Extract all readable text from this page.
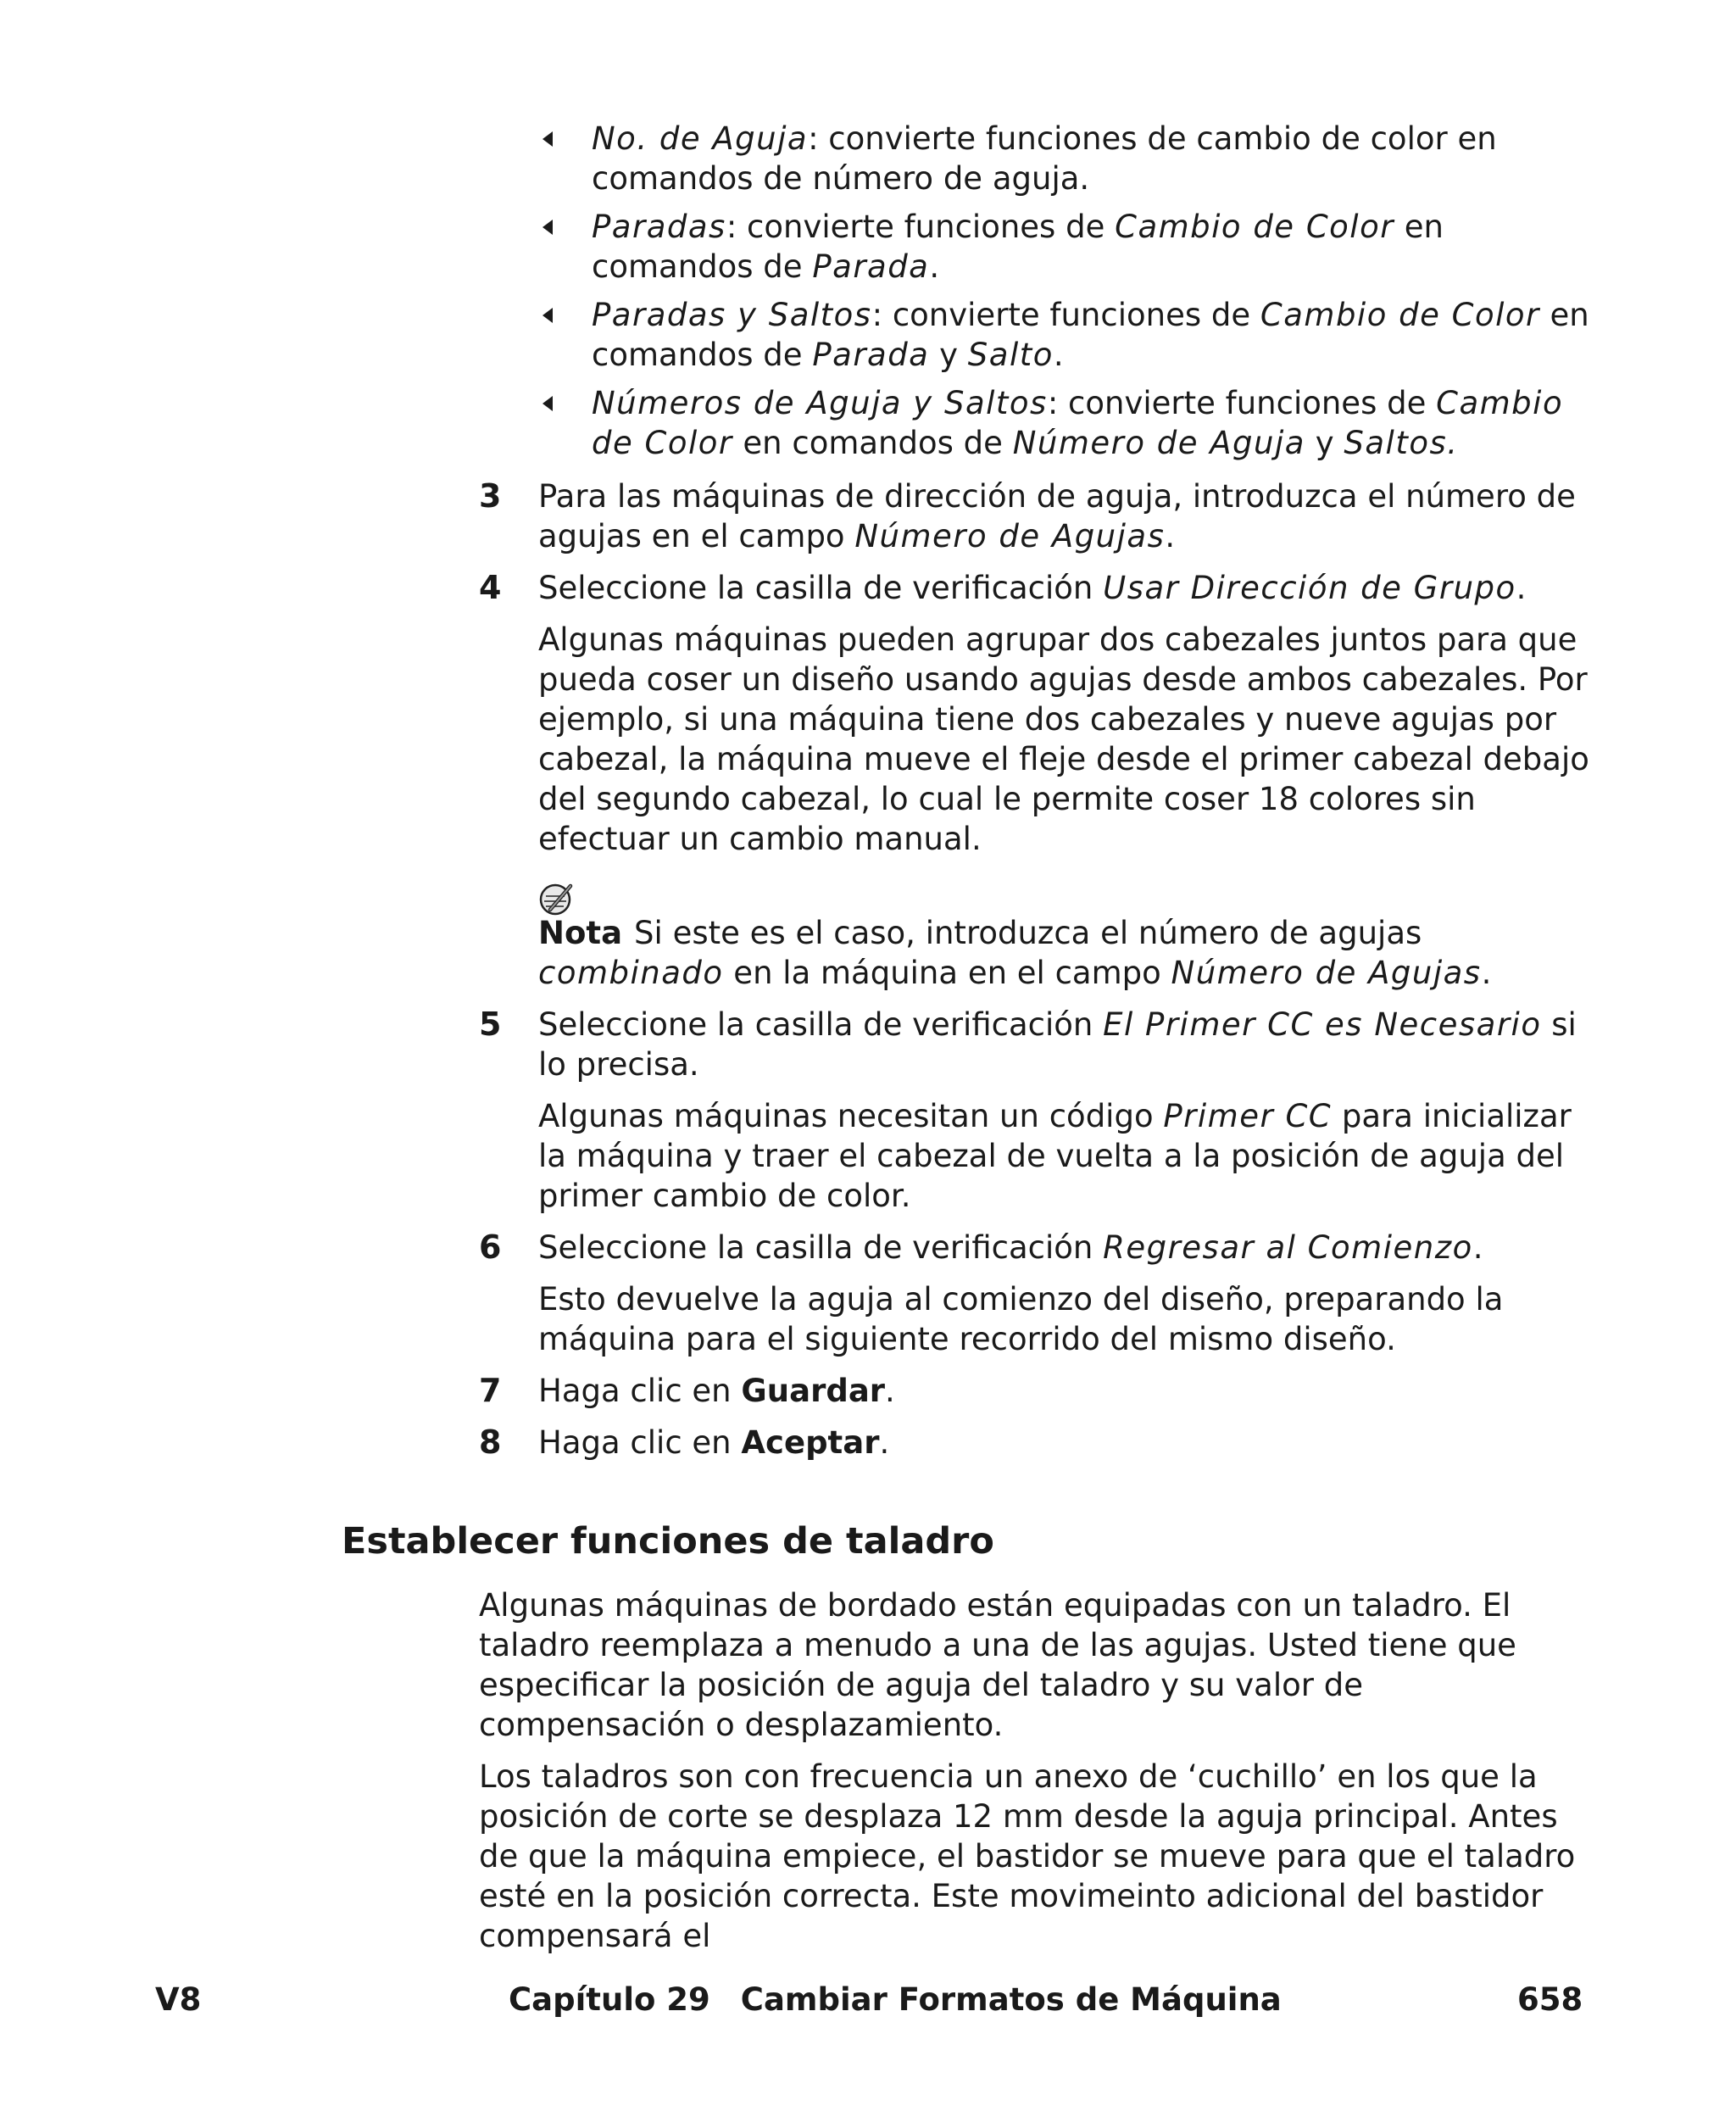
No. de Aguja: convierte funciones de cambio de color en comandos de número de aguja.
Paradas: convierte funciones de Cambio de Color en comandos de Parada.
Paradas y Saltos: convierte funciones de Cambio de Color en comandos de Parada y Salto.
Números de Aguja y Saltos: convierte funciones de Cambio de Color en comandos de Número de Aguja y Saltos.
3 Para las máquinas de dirección de aguja, introduzca el número de agujas en el campo Número de Agujas.
4 Seleccione la casilla de verificación Usar Dirección de Grupo.
Algunas máquinas pueden agrupar dos cabezales juntos para que pueda coser un diseño usando agujas desde ambos cabezales. Por ejemplo, si una máquina tiene dos cabezales y nueve agujas por cabezal, la máquina mueve el fleje desde el primer cabezal debajo del segundo cabezal, lo cual le permite coser 18 colores sin efectuar un cambio manual.
Nota Si este es el caso, introduzca el número de agujas combinado en la máquina en el campo Número de Agujas.
5 Seleccione la casilla de verificación El Primer CC es Necesario si lo precisa.
Algunas máquinas necesitan un código Primer CC para inicializar la máquina y traer el cabezal de vuelta a la posición de aguja del primer cambio de color.
6 Seleccione la casilla de verificación Regresar al Comienzo.
Esto devuelve la aguja al comienzo del diseño, preparando la máquina para el siguiente recorrido del mismo diseño.
7 Haga clic en Guardar.
8 Haga clic en Aceptar.
Establecer funciones de taladro

Algunas máquinas de bordado están equipadas con un taladro. El taladro reemplaza a menudo a una de las agujas. Usted tiene que especificar la posición de aguja del taladro y su valor de compensación o desplazamiento.

Los taladros son con frecuencia un anexo de ‘cuchillo’ en los que la posición de corte se desplaza 12 mm desde la aguja principal. Antes de que la máquina empiece, el bastidor se mueve para que el taladro esté en la posición correcta. Este movimeinto adicional del bastidor compensará el

V8	Capítulo 29 Cambiar Formatos de Máquina	658
